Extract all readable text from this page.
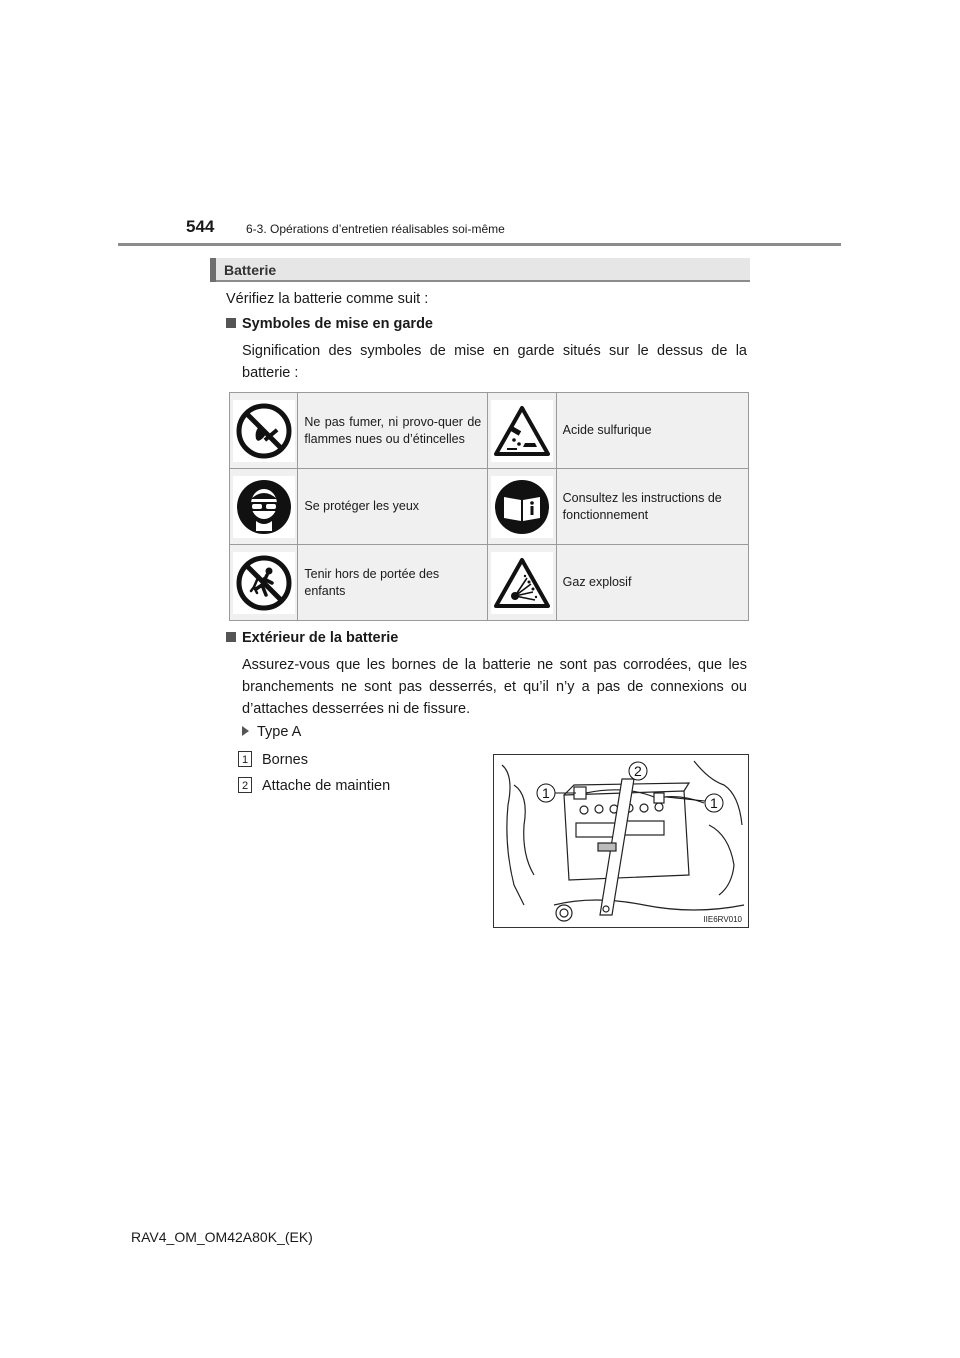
544	6-3. Opérations d’entretien réalisables soi-même
Batterie
Vérifiez la batterie comme suit :
Symboles de mise en garde
Signification des symboles de mise en garde situés sur le dessus de la batterie :
	Ne pas fumer, ni provo-quer de flammes nues ou d’étincelles		Acide sulfurique

	Se protéger les yeux		Consultez les instructions de fonctionnement

	Tenir hors de portée des enfants		Gaz explosif
Extérieur de la batterie
Assurez-vous que les bornes de la batterie ne sont pas corrodées, que les branchements ne sont pas desserrés, et qu’il n’y a pas de connexions ou d’attaches desserrées ni de fissure.
Type A
1 Bornes
2 Attache de maintien	1
2
1
IIE6RV010
RAV4_OM_OM42A80K_(EK)
